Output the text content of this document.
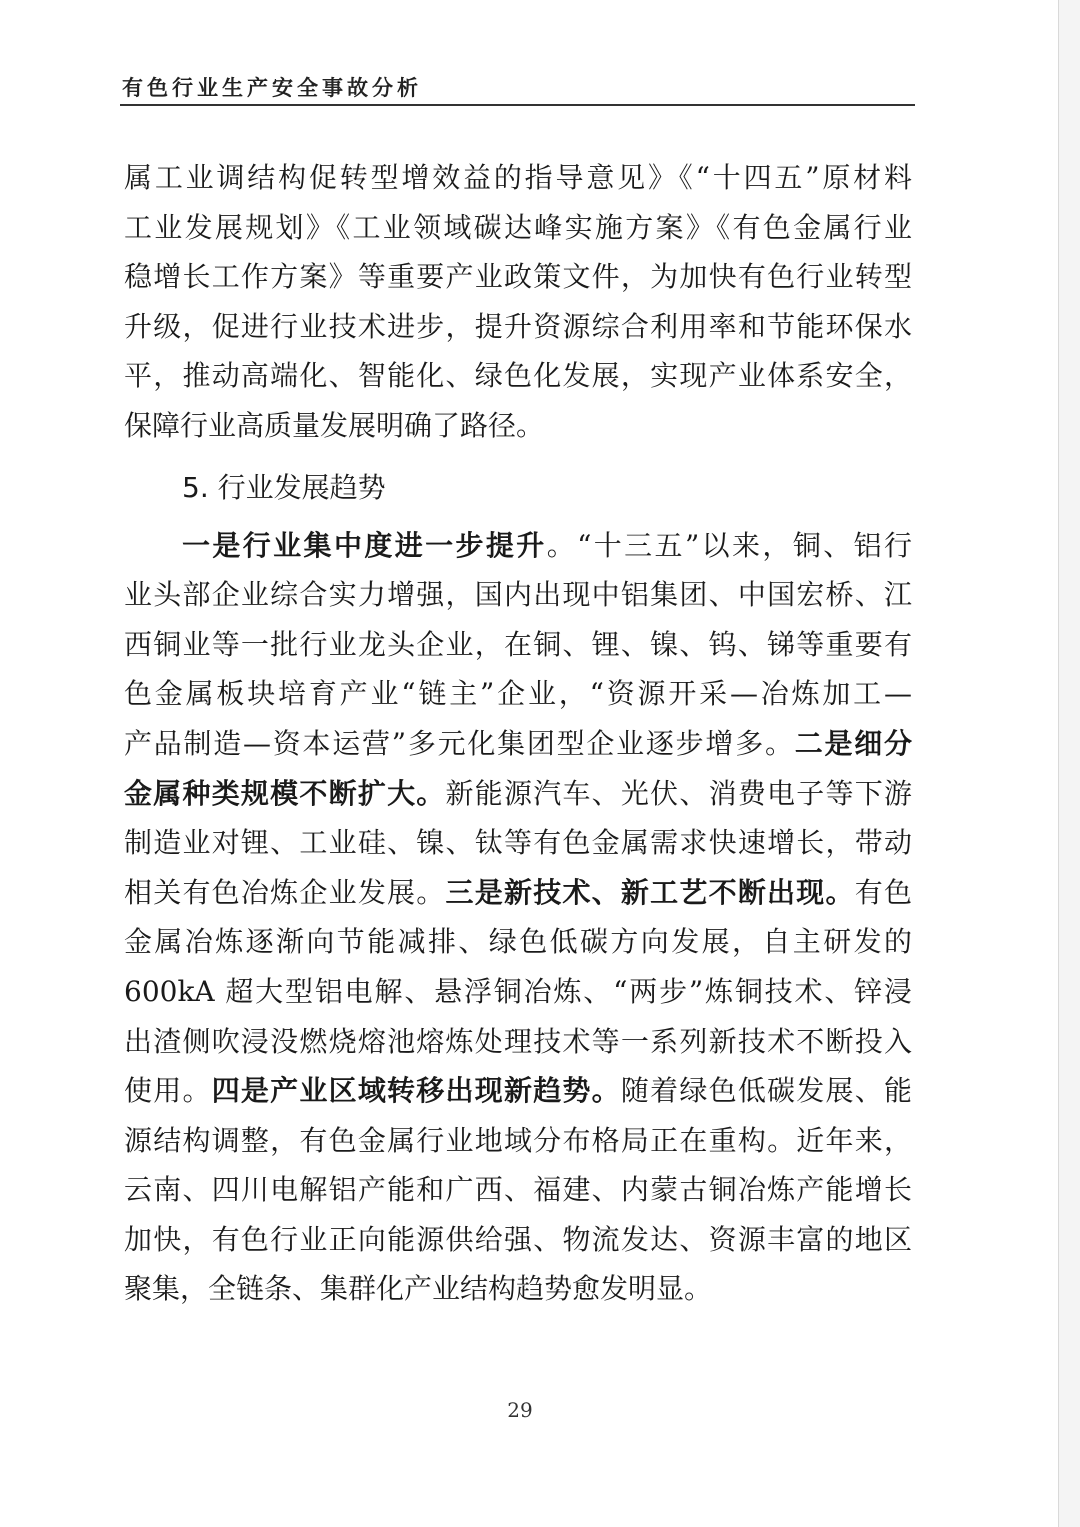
有色行业生产安全事故分析
属工业调结构促转型增效益的指导意见》《“十四五”原材料
工业发展规划》《工业领域碳达峰实施方案》《有色金属行业
稳增长工作方案》等重要产业政策文件，为加快有色行业转型
升级，促进行业技术进步，提升资源综合利用率和节能环保水
平，推动高端化、智能化、绿色化发展，实现产业体系安全，
保障行业高质量发展明确了路径。
5. 行业发展趋势
一是行业集中度进一步提升。“十三五”以来，铜、铝行
业头部企业综合实力增强，国内出现中铝集团、中国宏桥、江
西铜业等一批行业龙头企业，在铜、锂、镍、钨、锑等重要有
色金属板块培育产业“链主”企业，“资源开采—冶炼加工—
产品制造—资本运营”多元化集团型企业逐步增多。二是细分
金属种类规模不断扩大。新能源汽车、光伏、消费电子等下游
制造业对锂、工业硅、镍、钛等有色金属需求快速增长，带动
相关有色冶炼企业发展。三是新技术、新工艺不断出现。有色
金属冶炼逐渐向节能减排、绿色低碳方向发展，自主研发的
600kA 超大型铝电解、悬浮铜冶炼、“两步”炼铜技术、锌浸
出渣侧吹浸没燃烧熔池熔炼处理技术等一系列新技术不断投入
使用。四是产业区域转移出现新趋势。随着绿色低碳发展、能
源结构调整，有色金属行业地域分布格局正在重构。近年来，
云南、四川电解铝产能和广西、福建、内蒙古铜冶炼产能增长
加快，有色行业正向能源供给强、物流发达、资源丰富的地区
聚集，全链条、集群化产业结构趋势愈发明显。
29
